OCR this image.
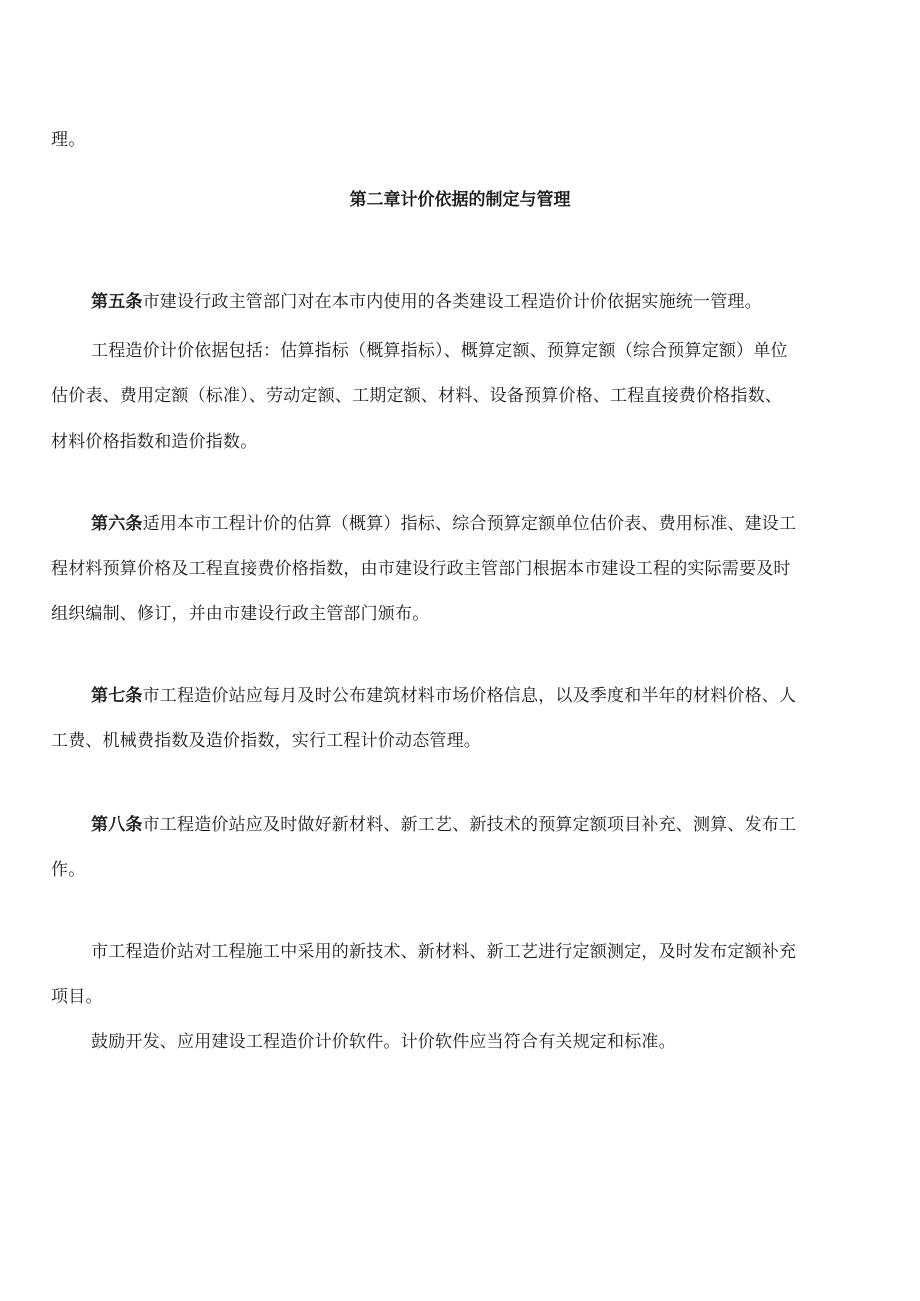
理。
第二章计价依据的制定与管理
第五条市建设行政主管部门对在本市内使用的各类建设工程造价计价依据实施统一管理。
工程造价计价依据包括：估算指标（概算指标）、概算定额、预算定额（综合预算定额）单位
估价表、费用定额（标准）、劳动定额、工期定额、材料、设备预算价格、工程直接费价格指数、
材料价格指数和造价指数。
第六条适用本市工程计价的估算（概算）指标、综合预算定额单位估价表、费用标准、建设工
程材料预算价格及工程直接费价格指数，由市建设行政主管部门根据本市建设工程的实际需要及时
组织编制、修订，并由市建设行政主管部门颁布。
第七条市工程造价站应每月及时公布建筑材料市场价格信息，以及季度和半年的材料价格、人
工费、机械费指数及造价指数，实行工程计价动态管理。
第八条市工程造价站应及时做好新材料、新工艺、新技术的预算定额项目补充、测算、发布工
作。
市工程造价站对工程施工中采用的新技术、新材料、新工艺进行定额测定，及时发布定额补充
项目。
鼓励开发、应用建设工程造价计价软件。计价软件应当符合有关规定和标准。
